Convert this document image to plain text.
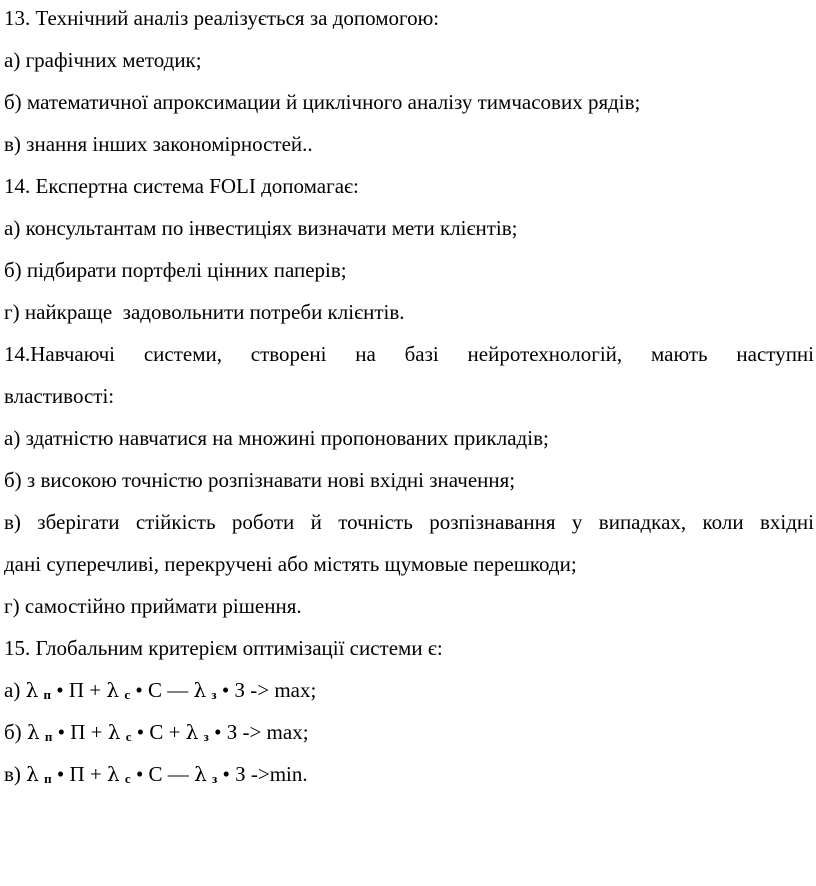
13. Технічний аналіз реалізується за допомогою:
а) графічних методик;
б) математичної апроксимации й циклічного аналізу тимчасових рядів;
в) знання інших закономірностей..
14. Експертна система FOLI допомагає:
а) консультантам по інвестиціях визначати мети клієнтів;
б) підбирати портфелі цінних паперів;
г) найкраще  задовольнити потреби клієнтів.
14.Навчаючі системи, створені на базі нейротехнологій, мають наступні
властивості:
а) здатністю навчатися на множині пропонованих прикладів;
б) з високою точністю розпізнавати нові вхідні значення;
в) зберігати стійкість роботи й точність розпізнавання у випадках, коли вхідні
дані суперечливі, перекручені або містять щумовые перешкоди;
г) самостійно приймати рішення.
15. Глобальним критерієм оптимізації системи є:
а) λ п • П + λ с • С — λ з • З -> max;
б) λ п • П + λ с • С + λ з • З -> max;
в) λ п • П + λ с • С — λ з • З ->min.
